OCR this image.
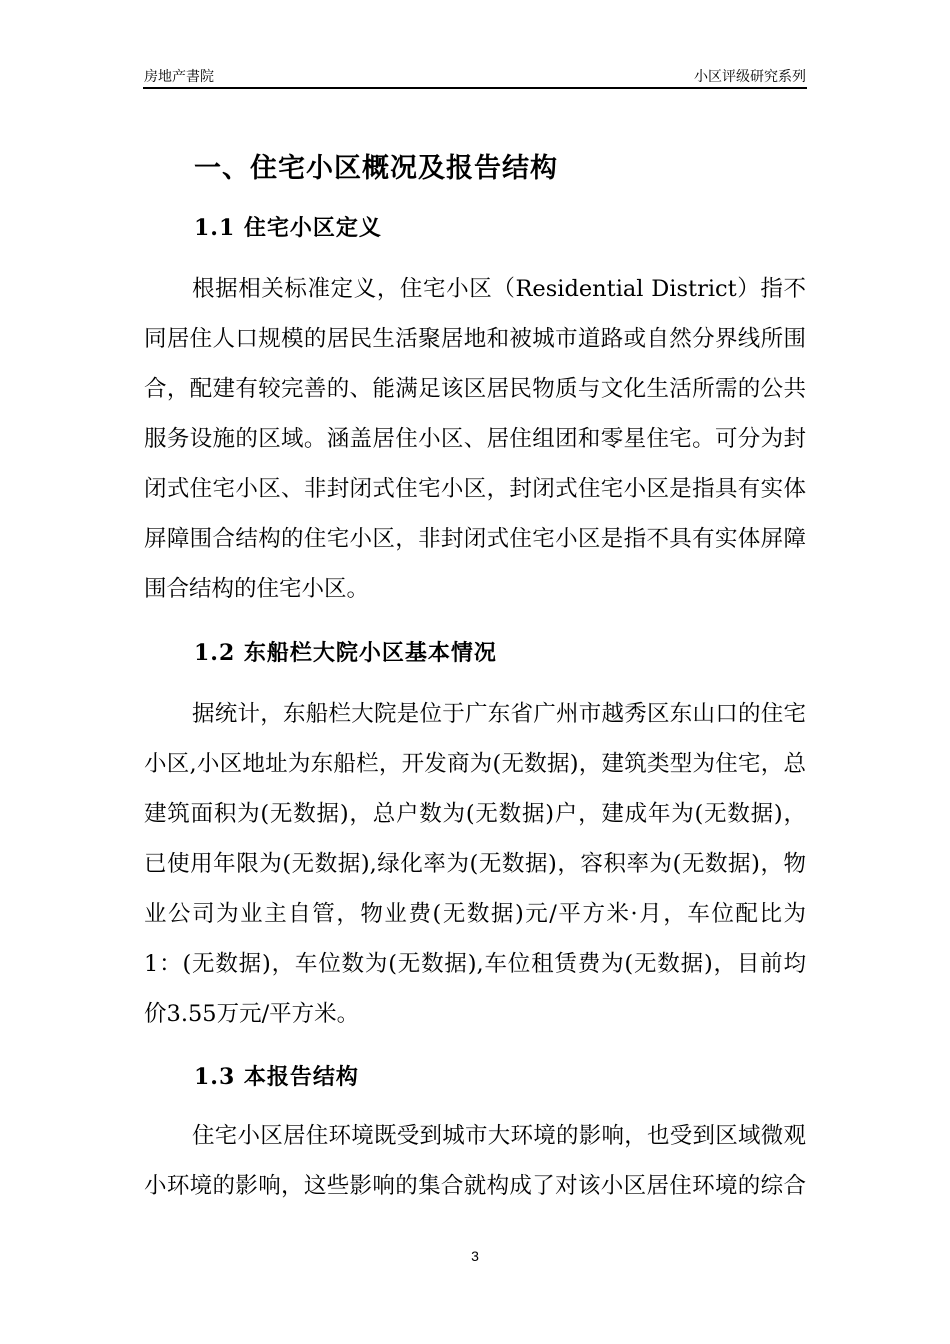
房地产書院	小区评级研究系列
一、住宅小区概况及报告结构
1.1 住宅小区定义
根据相关标准定义，住宅小区（Residential District）指不
同居住人口规模的居民生活聚居地和被城市道路或自然分界线所围
合，配建有较完善的、能满足该区居民物质与文化生活所需的公共
服务设施的区域。涵盖居住小区、居住组团和零星住宅。可分为封
闭式住宅小区、非封闭式住宅小区，封闭式住宅小区是指具有实体
屏障围合结构的住宅小区，非封闭式住宅小区是指不具有实体屏障
围合结构的住宅小区。
1.2 东船栏大院小区基本情况
据统计，东船栏大院是位于广东省广州市越秀区东山口的住宅
小区,小区地址为东船栏，开发商为(无数据)，建筑类型为住宅，总
建筑面积为(无数据)，总户数为(无数据)户，建成年为(无数据)，
已使用年限为(无数据),绿化率为(无数据)，容积率为(无数据)，物
业公司为业主自管，物业费(无数据)元/平方米·月，车位配比为
1：(无数据)，车位数为(无数据),车位租赁费为(无数据)，目前均
价3.55万元/平方米。
1.3 本报告结构
住宅小区居住环境既受到城市大环境的影响，也受到区域微观
小环境的影响，这些影响的集合就构成了对该小区居住环境的综合
3
